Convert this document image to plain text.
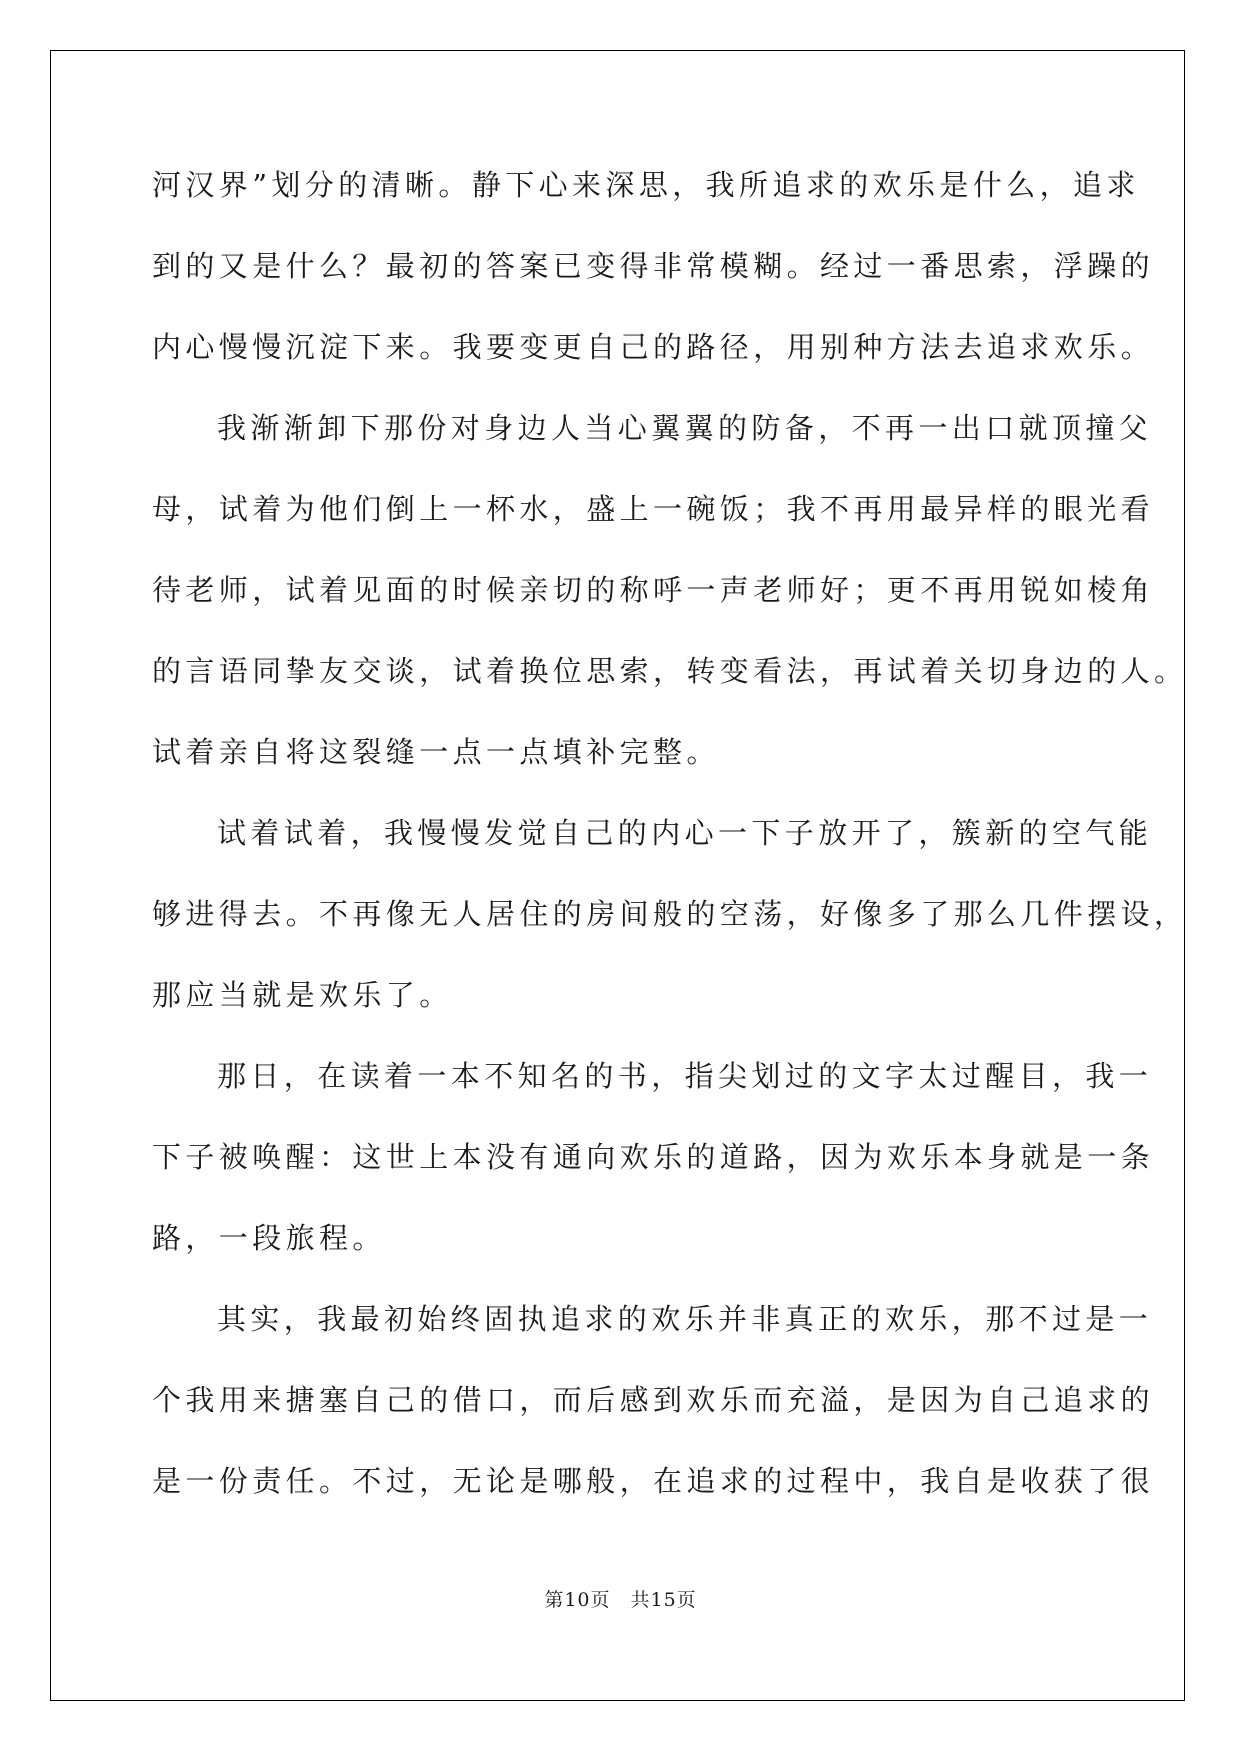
河汉界”划分的清晰。静下心来深思，我所追求的欢乐是什么，追求
到的又是什么？最初的答案已变得非常模糊。经过一番思索，浮躁的
内心慢慢沉淀下来。我要变更自己的路径，用别种方法去追求欢乐。
我渐渐卸下那份对身边人当心翼翼的防备，不再一出口就顶撞父
母，试着为他们倒上一杯水，盛上一碗饭；我不再用最异样的眼光看
待老师，试着见面的时候亲切的称呼一声老师好；更不再用锐如棱角
的言语同挚友交谈，试着换位思索，转变看法，再试着关切身边的人。
试着亲自将这裂缝一点一点填补完整。
试着试着，我慢慢发觉自己的内心一下子放开了，簇新的空气能
够进得去。不再像无人居住的房间般的空荡，好像多了那么几件摆设，
那应当就是欢乐了。
那日，在读着一本不知名的书，指尖划过的文字太过醒目，我一
下子被唤醒：这世上本没有通向欢乐的道路，因为欢乐本身就是一条
路，一段旅程。
其实，我最初始终固执追求的欢乐并非真正的欢乐，那不过是一
个我用来搪塞自己的借口，而后感到欢乐而充溢，是因为自己追求的
是一份责任。不过，无论是哪般，在追求的过程中，我自是收获了很
第10页　共15页
